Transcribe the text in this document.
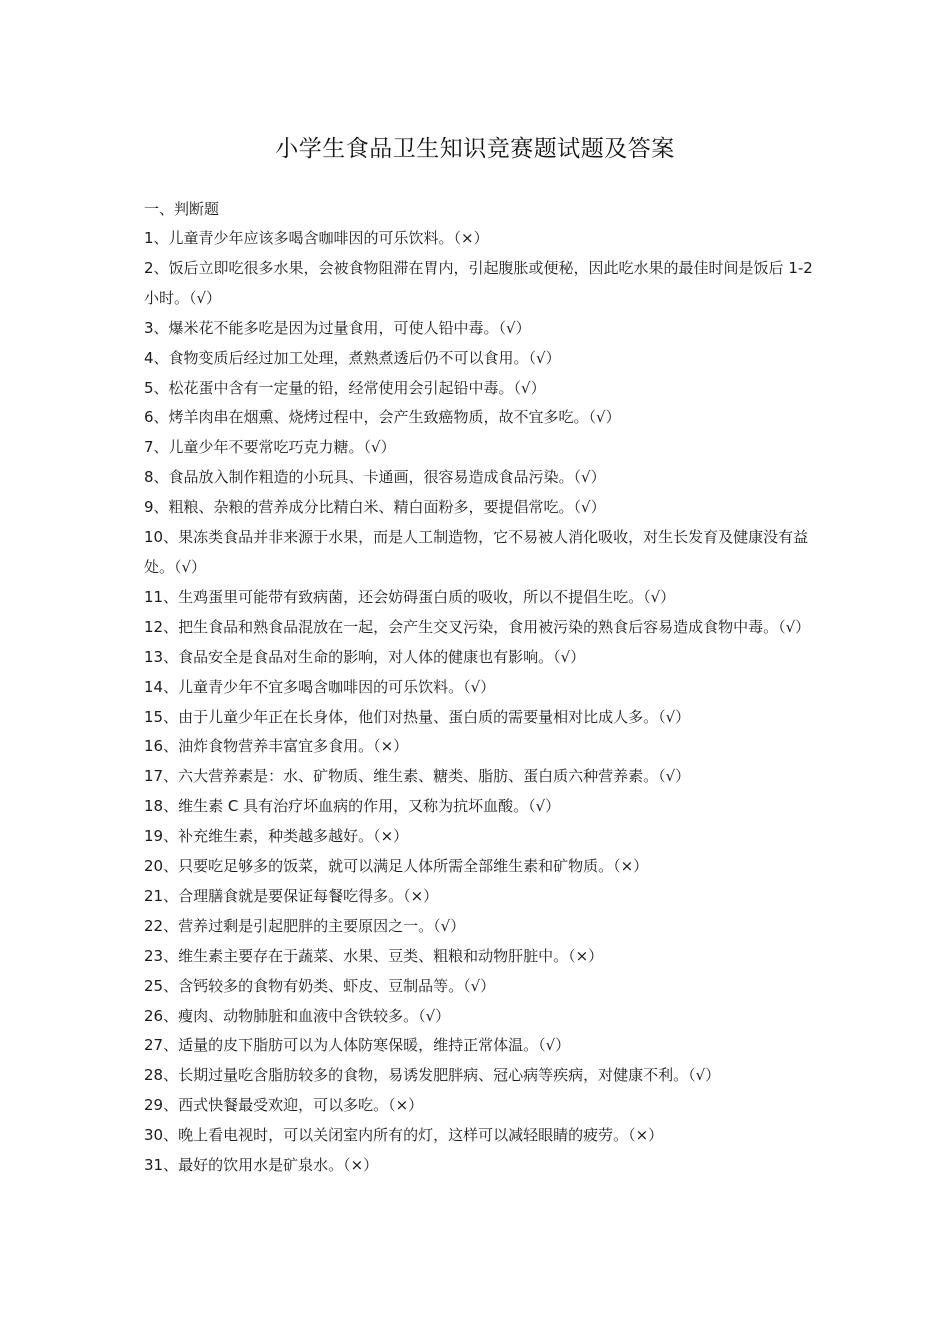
小学生食品卫生知识竞赛题试题及答案
一、判断题
1、儿童青少年应该多喝含咖啡因的可乐饮料。（×）
2、饭后立即吃很多水果，会被食物阻滞在胃内，引起腹胀或便秘，因此吃水果的最佳时间是饭后 1-2 小时。（√）
3、爆米花不能多吃是因为过量食用，可使人铅中毒。（√）
4、食物变质后经过加工处理，煮熟煮透后仍不可以食用。（√）
5、松花蛋中含有一定量的铅，经常使用会引起铅中毒。（√）
6、烤羊肉串在烟熏、烧烤过程中，会产生致癌物质，故不宜多吃。（√）
7、儿童少年不要常吃巧克力糖。（√）
8、食品放入制作粗造的小玩具、卡通画，很容易造成食品污染。（√）
9、粗粮、杂粮的营养成分比精白米、精白面粉多，要提倡常吃。（√）
10、果冻类食品并非来源于水果，而是人工制造物，它不易被人消化吸收，对生长发育及健康没有益处。（√）
11、生鸡蛋里可能带有致病菌，还会妨碍蛋白质的吸收，所以不提倡生吃。（√）
12、把生食品和熟食品混放在一起，会产生交叉污染，食用被污染的熟食后容易造成食物中毒。（√）
13、食品安全是食品对生命的影响，对人体的健康也有影响。（√）
14、儿童青少年不宜多喝含咖啡因的可乐饮料。（√）
15、由于儿童少年正在长身体，他们对热量、蛋白质的需要量相对比成人多。（√）
16、油炸食物营养丰富宜多食用。（×）
17、六大营养素是：水、矿物质、维生素、糖类、脂肪、蛋白质六种营养素。（√）
18、维生素 C 具有治疗坏血病的作用，又称为抗坏血酸。（√）
19、补充维生素，种类越多越好。（×）
20、只要吃足够多的饭菜，就可以满足人体所需全部维生素和矿物质。（×）
21、合理膳食就是要保证每餐吃得多。（×）
22、营养过剩是引起肥胖的主要原因之一。（√）
23、维生素主要存在于蔬菜、水果、豆类、粗粮和动物肝脏中。（×）
25、含钙较多的食物有奶类、虾皮、豆制品等。（√）
26、瘦肉、动物肺脏和血液中含铁较多。（√）
27、适量的皮下脂肪可以为人体防寒保暖，维持正常体温。（√）
28、长期过量吃含脂肪较多的食物，易诱发肥胖病、冠心病等疾病，对健康不利。（√）
29、西式快餐最受欢迎，可以多吃。（×）
30、晚上看电视时，可以关闭室内所有的灯，这样可以减轻眼睛的疲劳。（×）
31、最好的饮用水是矿泉水。（×）
